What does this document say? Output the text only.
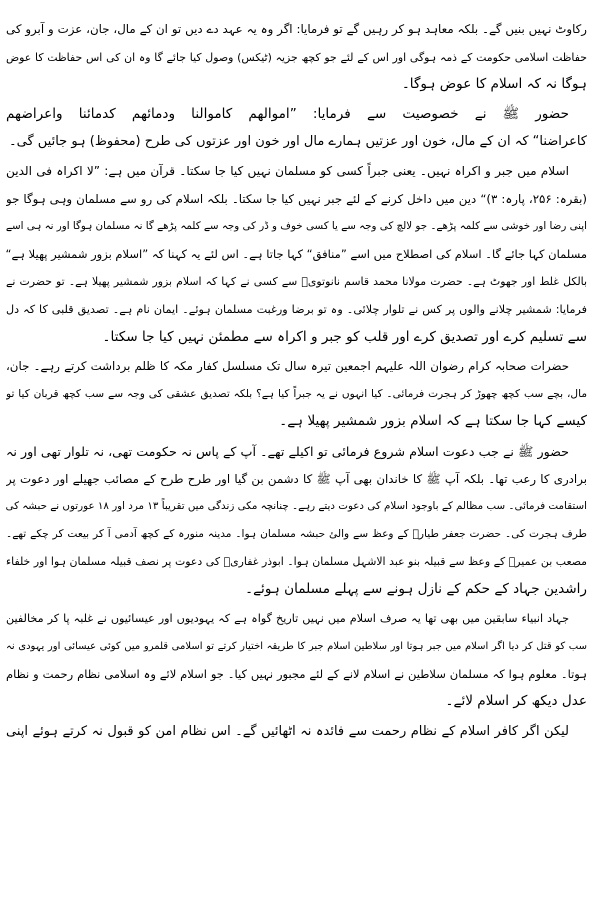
رکاوٹ نہیں بنیں گے۔ بلکہ معاہد ہو کر رہیں گے تو فرمایا: اگر وہ یہ عہد دے دیں تو ان کے مال، جان، عزت و آبرو کی
حفاظت اسلامی حکومت کے ذمہ ہوگی اور اس کے لئے جو کچھ جزیہ (ٹیکس) وصول کیا جائے گا وہ ان کی اس حفاظت کا عوض
ہوگا نہ کہ اسلام کا عوض ہوگا۔
حضور ﷺ نے خصوصیت سے فرمایا: ”اموالهم كاموالنا ودمائهم كدمائنا واعراضهم
كاعراضنا“ کہ ان کے مال، خون اور عزتیں ہمارے مال اور خون اور عزتوں کی طرح (محفوظ) ہو جائیں گی۔
اسلام میں جبر و اکراہ نہیں۔ یعنی جبراً کسی کو مسلمان نہیں کیا جا سکتا۔ قرآن میں ہے: ”لا اکراہ فی الدین
(بقرہ: ۲۵۶، پارہ: ۳)“ دین میں داخل کرنے کے لئے جبر نہیں کیا جا سکتا۔ بلکہ اسلام کی رو سے مسلمان وہی ہوگا جو
اپنی رضا اور خوشی سے کلمہ پڑھے۔ جو لالچ کی وجہ سے یا کسی خوف و ڈر کی وجہ سے کلمہ پڑھے گا نہ مسلمان ہوگا اور نہ ہی اسے
مسلمان کہا جائے گا۔ اسلام کی اصطلاح میں اسے ”منافق“ کہا جاتا ہے۔ اس لئے یہ کہنا کہ ”اسلام بزور شمشیر پھیلا ہے“
بالکل غلط اور جھوٹ ہے۔ حضرت مولانا محمد قاسم نانوتویؒ سے کسی نے کہا کہ اسلام بزور شمشیر پھیلا ہے۔ تو حضرت نے
فرمایا: شمشیر چلانے والوں پر کس نے تلوار چلائی۔ وہ تو برضا ورغبت مسلمان ہوئے۔ ایمان نام ہے۔ تصدیق قلبی کا کہ دل
سے تسلیم کرے اور تصدیق کرے اور قلب کو جبر و اکراہ سے مطمئن نہیں کیا جا سکتا۔
حضرات صحابہ کرام رضوان اللہ علیہم اجمعین تیرہ سال تک مسلسل کفار مکہ کا ظلم برداشت کرتے رہے۔ جان،
مال، بچے سب کچھ چھوڑ کر ہجرت فرمائی۔ کیا انہوں نے یہ جبراً کیا ہے؟ بلکہ تصدیق عشقی کی وجہ سے سب کچھ قربان کیا تو
کیسے کہا جا سکتا ہے کہ اسلام بزور شمشیر پھیلا ہے۔
حضور ﷺ نے جب دعوت اسلام شروع فرمائی تو اکیلے تھے۔ آپ کے پاس نہ حکومت تھی، نہ تلوار تھی اور نہ
برادری کا رعب تھا۔ بلکہ آپ ﷺ کا خاندان بھی آپ ﷺ کا دشمن بن گیا اور طرح طرح کے مصائب جھیلے اور دعوت پر
استقامت فرمائی۔ سب مظالم کے باوجود اسلام کی دعوت دیتے رہے۔ چنانچہ مکی زندگی میں تقریباً ۱۳ مرد اور ۱۸ عورتوں نے حبشہ کی
طرف ہجرت کی۔ حضرت جعفر طیارؓ کے وعظ سے والئ حبشہ مسلمان ہوا۔ مدینہ منورہ کے کچھ آدمی آ کر بیعت کر چکے تھے۔
مصعب بن عمیرؓ کے وعظ سے قبیلہ بنو عبد الاشہل مسلمان ہوا۔ ابوذر غفاریؓ کی دعوت پر نصف قبیلہ مسلمان ہوا اور خلفاء
راشدین جہاد کے حکم کے نازل ہونے سے پہلے مسلمان ہوئے۔
جہاد انبیاء سابقین میں بھی تھا یہ صرف اسلام میں نہیں تاریخ گواہ ہے کہ یہودیوں اور عیسائیوں نے غلبہ پا کر مخالفین
سب کو قتل کر دیا اگر اسلام میں جبر ہوتا اور سلاطین اسلام جبر کا طریقہ اختیار کرتے تو اسلامی قلمرو میں کوئی عیسائی اور یہودی نہ
ہوتا۔ معلوم ہوا کہ مسلمان سلاطین نے اسلام لانے کے لئے مجبور نہیں کیا۔ جو اسلام لائے وہ اسلامی نظام رحمت و نظام
عدل دیکھ کر اسلام لائے۔
لیکن اگر کافر اسلام کے نظام رحمت سے فائدہ نہ اٹھائیں گے۔ اس نظام امن کو قبول نہ کرتے ہوئے اپنی
